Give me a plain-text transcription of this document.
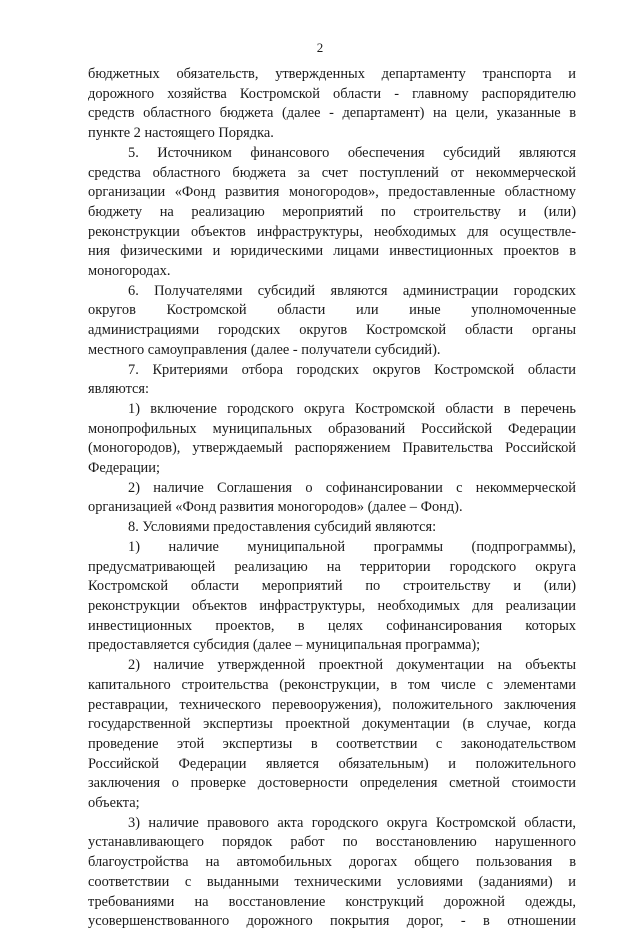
2
бюджетных обязательств, утвержденных департаменту транспорта и
дорожного хозяйства Костромской области - главному распорядителю
средств областного бюджета (далее - департамент) на цели, указанные в
пункте 2 настоящего Порядка.
5. Источником финансового обеспечения субсидий являются
средства областного бюджета за счет поступлений от некоммерческой
организации «Фонд развития моногородов», предоставленные областному
бюджету на реализацию мероприятий по строительству и (или)
реконструкции объектов инфраструктуры, необходимых для осуществле-
ния физическими и юридическими лицами инвестиционных проектов в
моногородах.
6. Получателями субсидий являются администрации городских
округов Костромской области или иные уполномоченные
администрациями городских округов Костромской области органы
местного самоуправления (далее - получатели субсидий).
7. Критериями отбора городских округов Костромской области
являются:
1) включение городского округа Костромской области в перечень
монопрофильных муниципальных образований Российской Федерации
(моногородов), утверждаемый распоряжением Правительства Российской
Федерации;
2) наличие Соглашения о софинансировании с некоммерческой
организацией «Фонд развития моногородов» (далее – Фонд).
8. Условиями предоставления субсидий являются:
1) наличие муниципальной программы (подпрограммы),
предусматривающей реализацию на территории городского округа
Костромской области мероприятий по строительству и (или)
реконструкции объектов инфраструктуры, необходимых для реализации
инвестиционных проектов, в целях софинансирования которых
предоставляется субсидия (далее – муниципальная программа);
2) наличие утвержденной проектной документации на объекты
капитального строительства (реконструкции, в том числе с элементами
реставрации, технического перевооружения), положительного заключения
государственной экспертизы проектной документации (в случае, когда
проведение этой экспертизы в соответствии с законодательством
Российской Федерации является обязательным) и положительного
заключения о проверке достоверности определения сметной стоимости
объекта;
3) наличие правового акта городского округа Костромской области,
устанавливающего порядок работ по восстановлению нарушенного
благоустройства на автомобильных дорогах общего пользования в
соответствии с выданными техническими условиями (заданиями) и
требованиями на восстановление конструкций дорожной одежды,
усовершенствованного дорожного покрытия дорог, - в отношении
